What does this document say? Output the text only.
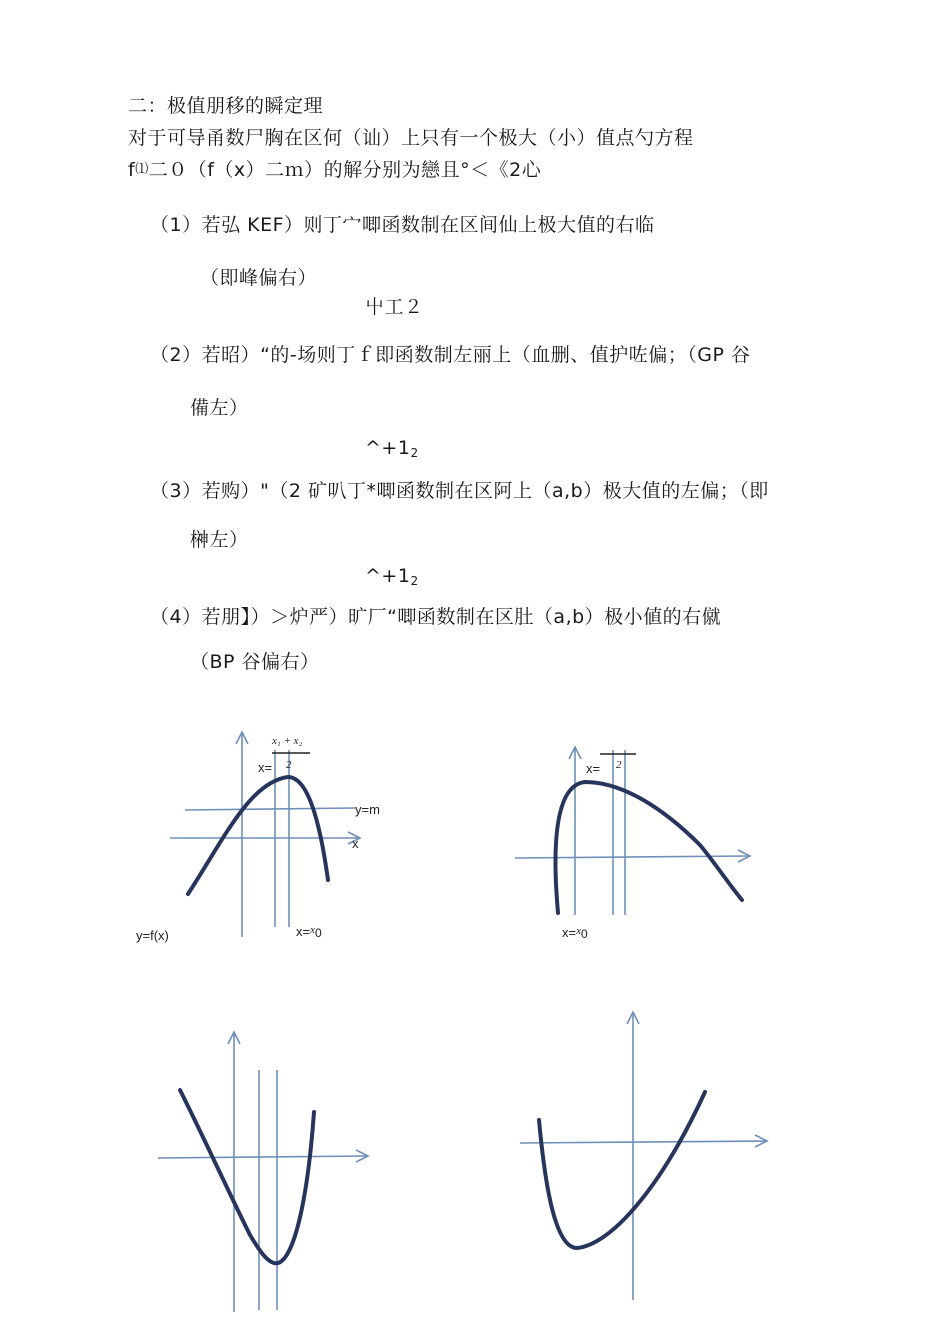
二：极值朋移的瞬定理
对于可导甬数尸胸在区何（讪）上只有一个极大（小）值点勺方程
f⑴二０（f（x）二ｍ）的解分别为戀且°＜《2心
（1）若弘 KEF）则丁宀唧函数制在区间仙上极大值的右临
（即峰偏右）
屮工２
（2）若昭）“的-场则丁ｆ即函数制左丽上（血删、值护咗偏；（GP 谷
備左）
$\^{}+1_2$
（3）若购）"（2 矿叭丁*唧函数制在区阿上（a,b）极大值的左偏；（即
榊左）
$\^{}+1_2$
（4）若朋】）＞炉严）旷厂“唧函数制在区肚（a,b）极小値的右僦
（BP 谷偏右）
x=
x₁ + x₂
2
y=m
x
y=f(x)	x=$^x$0
x= 2
x=$^x$0
